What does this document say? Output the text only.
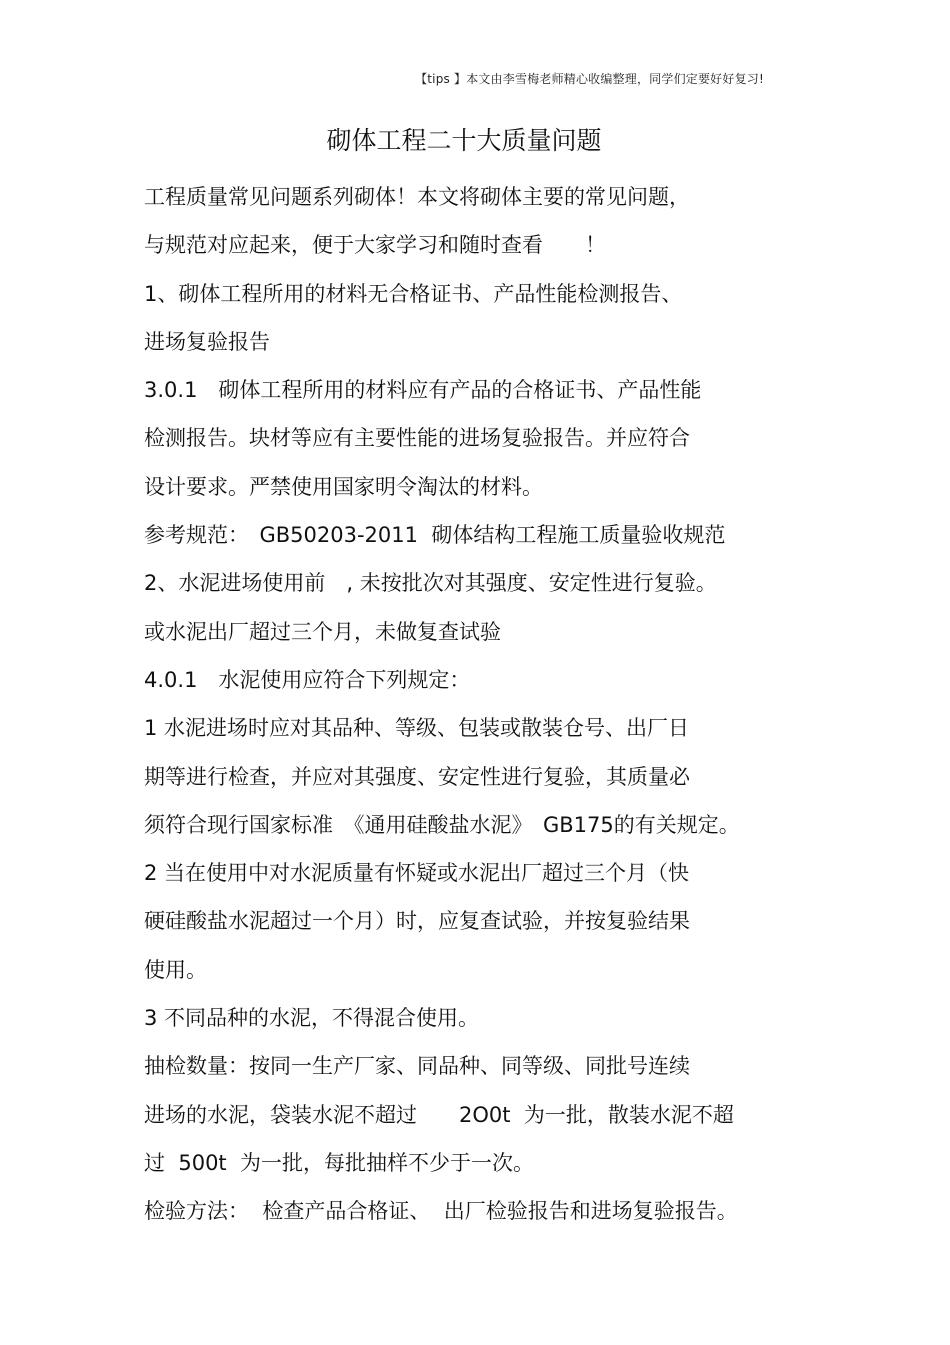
【tips 】本文由李雪梅老师精心收编整理，同学们定要好好复习!
砌体工程二十大质量问题
工程质量常见问题系列砌体！本文将砌体主要的常见问题，
与规范对应起来，便于大家学习和随时查看　　！
1、砌体工程所用的材料无合格证书、产品性能检测报告、
进场复验报告
3.0.1　砌体工程所用的材料应有产品的合格证书、产品性能
检测报告。块材等应有主要性能的进场复验报告。并应符合
设计要求。严禁使用国家明令淘汰的材料。
参考规范：　GB50203-2011  砌体结构工程施工质量验收规范
2、水泥进场使用前　, 未按批次对其强度、安定性进行复验。
或水泥出厂超过三个月，未做复查试验
4.0.1　水泥使用应符合下列规定：
1 水泥进场时应对其品种、等级、包装或散装仓号、出厂日
期等进行检查，并应对其强度、安定性进行复验，其质量必
须符合现行国家标准　《通用硅酸盐水泥》　GB175的有关规定。
2 当在使用中对水泥质量有怀疑或水泥出厂超过三个月（快
硬硅酸盐水泥超过一个月）时，应复查试验，并按复验结果
使用。
3 不同品种的水泥，不得混合使用。
抽检数量：按同一生产厂家、同品种、同等级、同批号连续
进场的水泥，袋装水泥不超过　　2O0t  为一批，散装水泥不超
过  500t  为一批，每批抽样不少于一次。
检验方法：  检查产品合格证、  出厂检验报告和进场复验报告。
